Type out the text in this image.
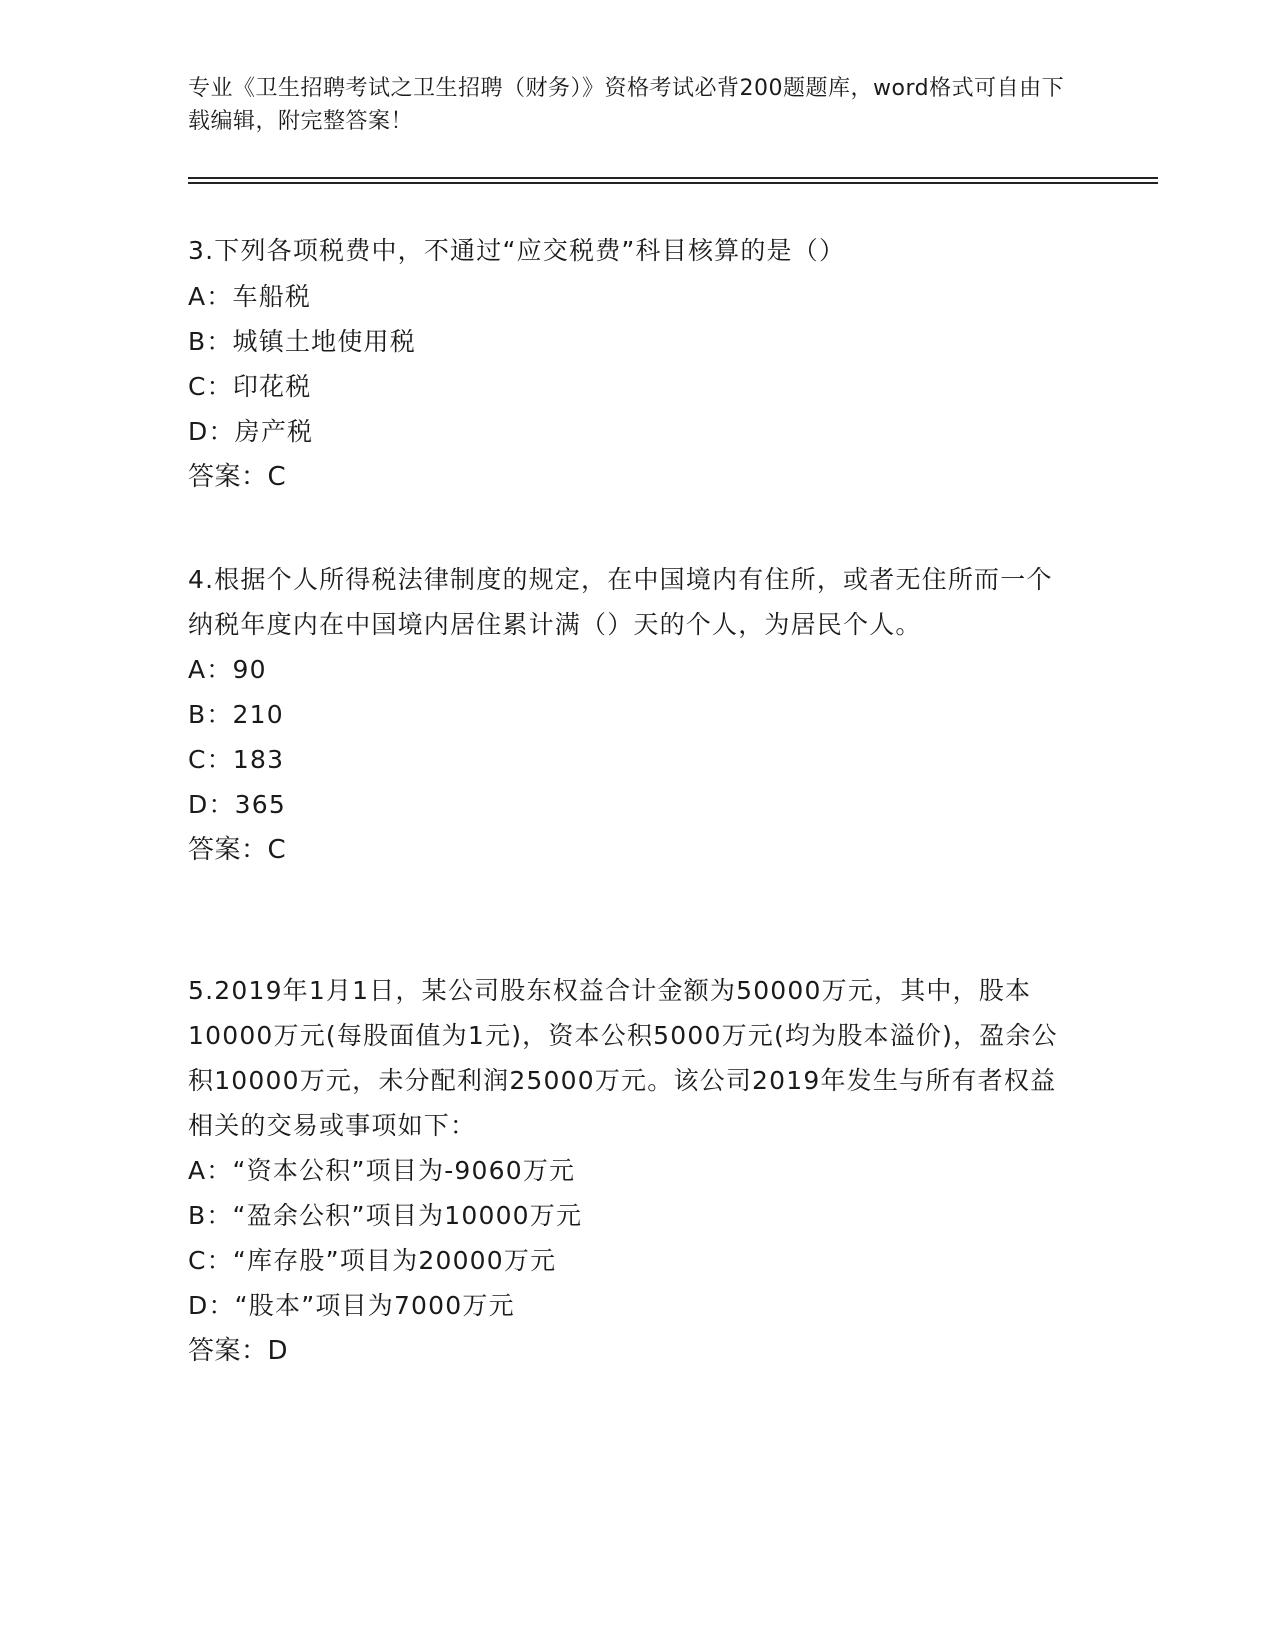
专业《卫生招聘考试之卫生招聘（财务）》资格考试必背200题题库，word格式可自由下载编辑，附完整答案！
3.下列各项税费中，不通过“应交税费”科目核算的是（）
A：车船税
B：城镇土地使用税
C：印花税
D：房产税
答案：C
4.根据个人所得税法律制度的规定，在中国境内有住所，或者无住所而一个纳税年度内在中国境内居住累计满（）天的个人，为居民个人。
A：90
B：210
C：183
D：365
答案：C
5.2019年1月1日，某公司股东权益合计金额为50000万元，其中，股本10000万元(每股面值为1元)，资本公积5000万元(均为股本溢价)，盈余公积10000万元，未分配利润25000万元。该公司2019年发生与所有者权益相关的交易或事项如下：
A：“资本公积”项目为-9060万元
B：“盈余公积”项目为10000万元
C：“库存股”项目为20000万元
D：“股本”项目为7000万元
答案：D
